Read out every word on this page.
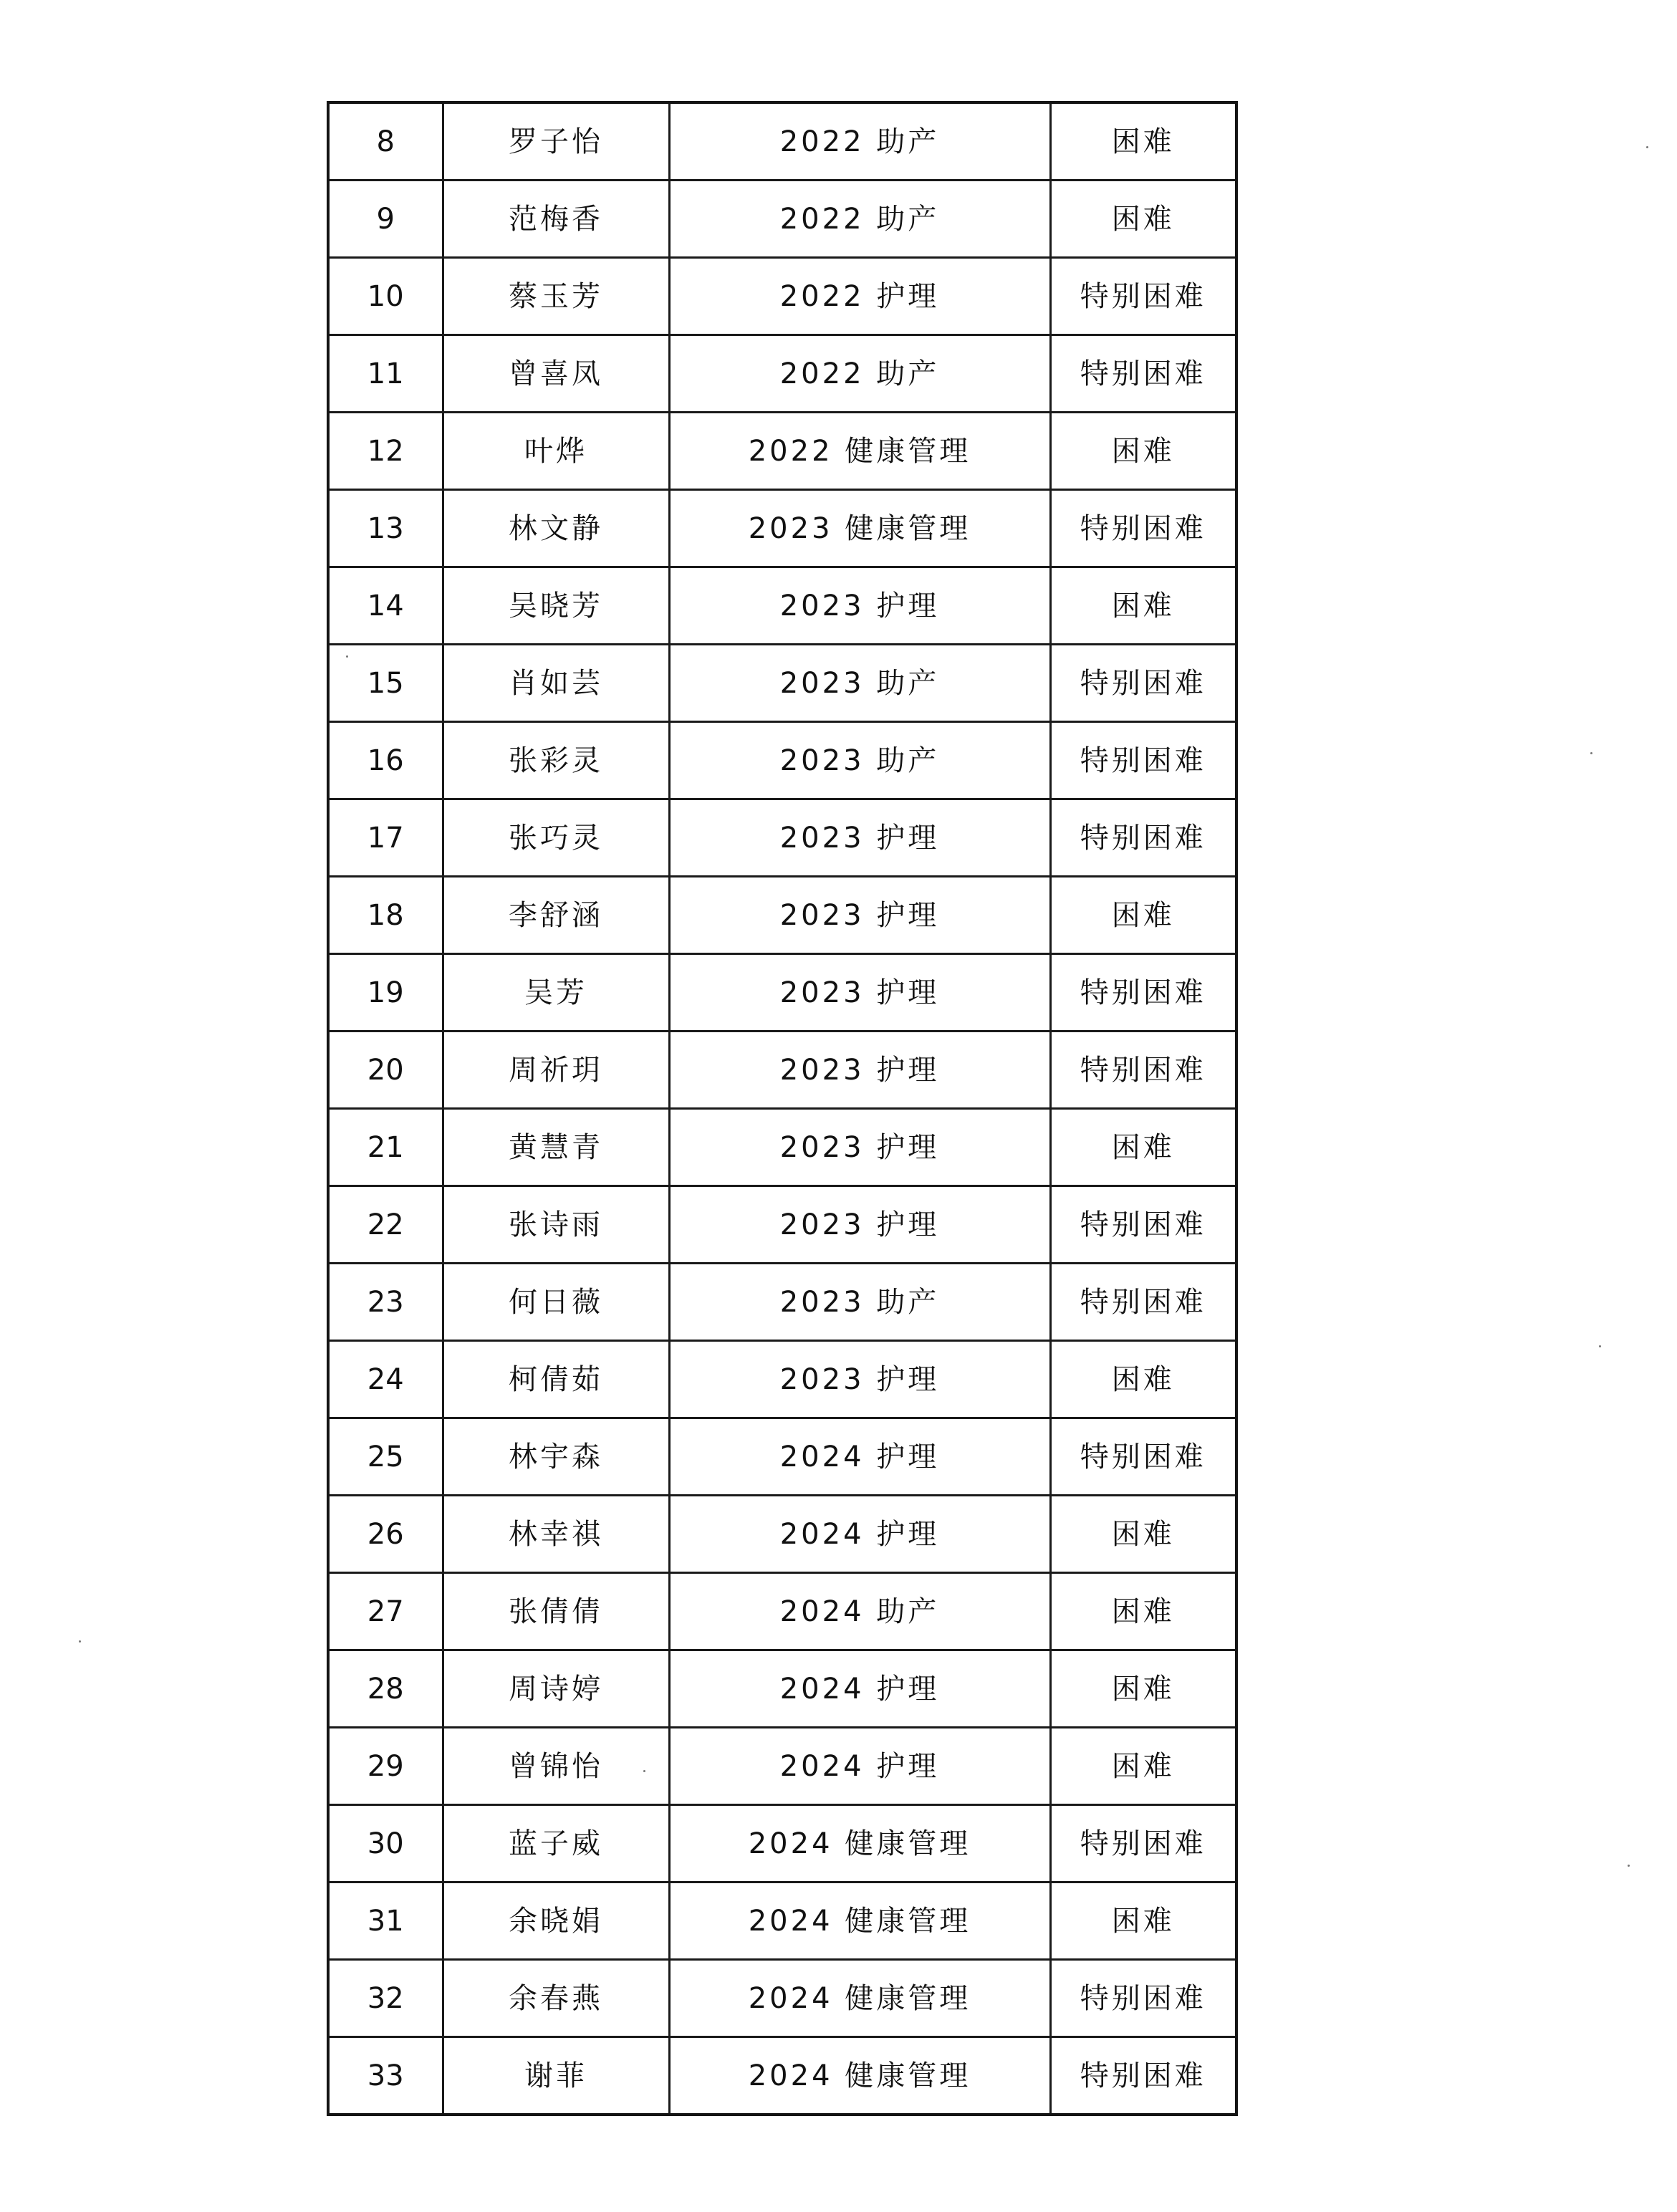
8	罗子怡	2022 助产	困难
9	范梅香	2022 助产	困难
10	蔡玉芳	2022 护理	特别困难
11	曾喜凤	2022 助产	特别困难
12	叶烨	2022 健康管理	困难
13	林文静	2023 健康管理	特别困难
14	吴晓芳	2023 护理	困难
15	肖如芸	2023 助产	特别困难
16	张彩灵	2023 助产	特别困难
17	张巧灵	2023 护理	特别困难
18	李舒涵	2023 护理	困难
19	吴芳	2023 护理	特别困难
20	周祈玥	2023 护理	特别困难
21	黄慧青	2023 护理	困难
22	张诗雨	2023 护理	特别困难
23	何日薇	2023 助产	特别困难
24	柯倩茹	2023 护理	困难
25	林宇森	2024 护理	特别困难
26	林幸祺	2024 护理	困难
27	张倩倩	2024 助产	困难
28	周诗婷	2024 护理	困难
29	曾锦怡	2024 护理	困难
30	蓝子威	2024 健康管理	特别困难
31	余晓娟	2024 健康管理	困难
32	余春燕	2024 健康管理	特别困难
33	谢菲	2024 健康管理	特别困难
